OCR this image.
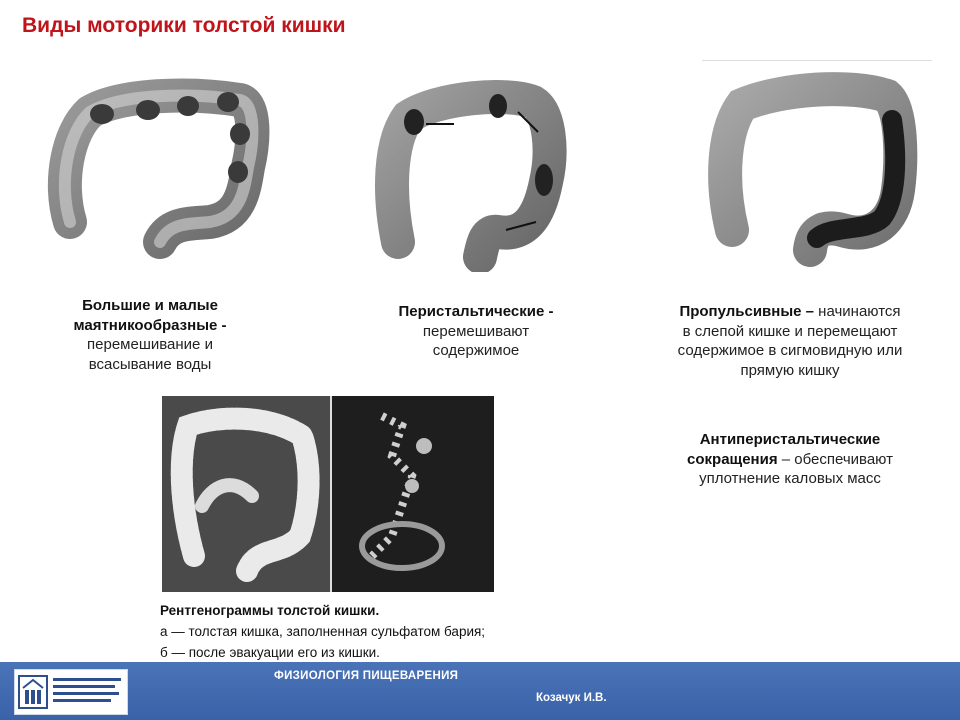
Виды моторики толстой кишки
Большие и малые
маятникообразные -
перемешивание и
всасывание воды
Перистальтические -
перемешивают
содержимое
Пропульсивные – начинаются
в слепой кишке и перемещают
содержимое в сигмовидную или
прямую кишку
Антиперистальтические
сокращения – обеспечивают
уплотнение каловых масс
Рентгенограммы толстой кишки.
а — толстая кишка, заполненная сульфатом бария;
б — после эвакуации его из кишки.
ФИЗИОЛОГИЯ ПИЩЕВАРЕНИЯ
Козачук И.В.
